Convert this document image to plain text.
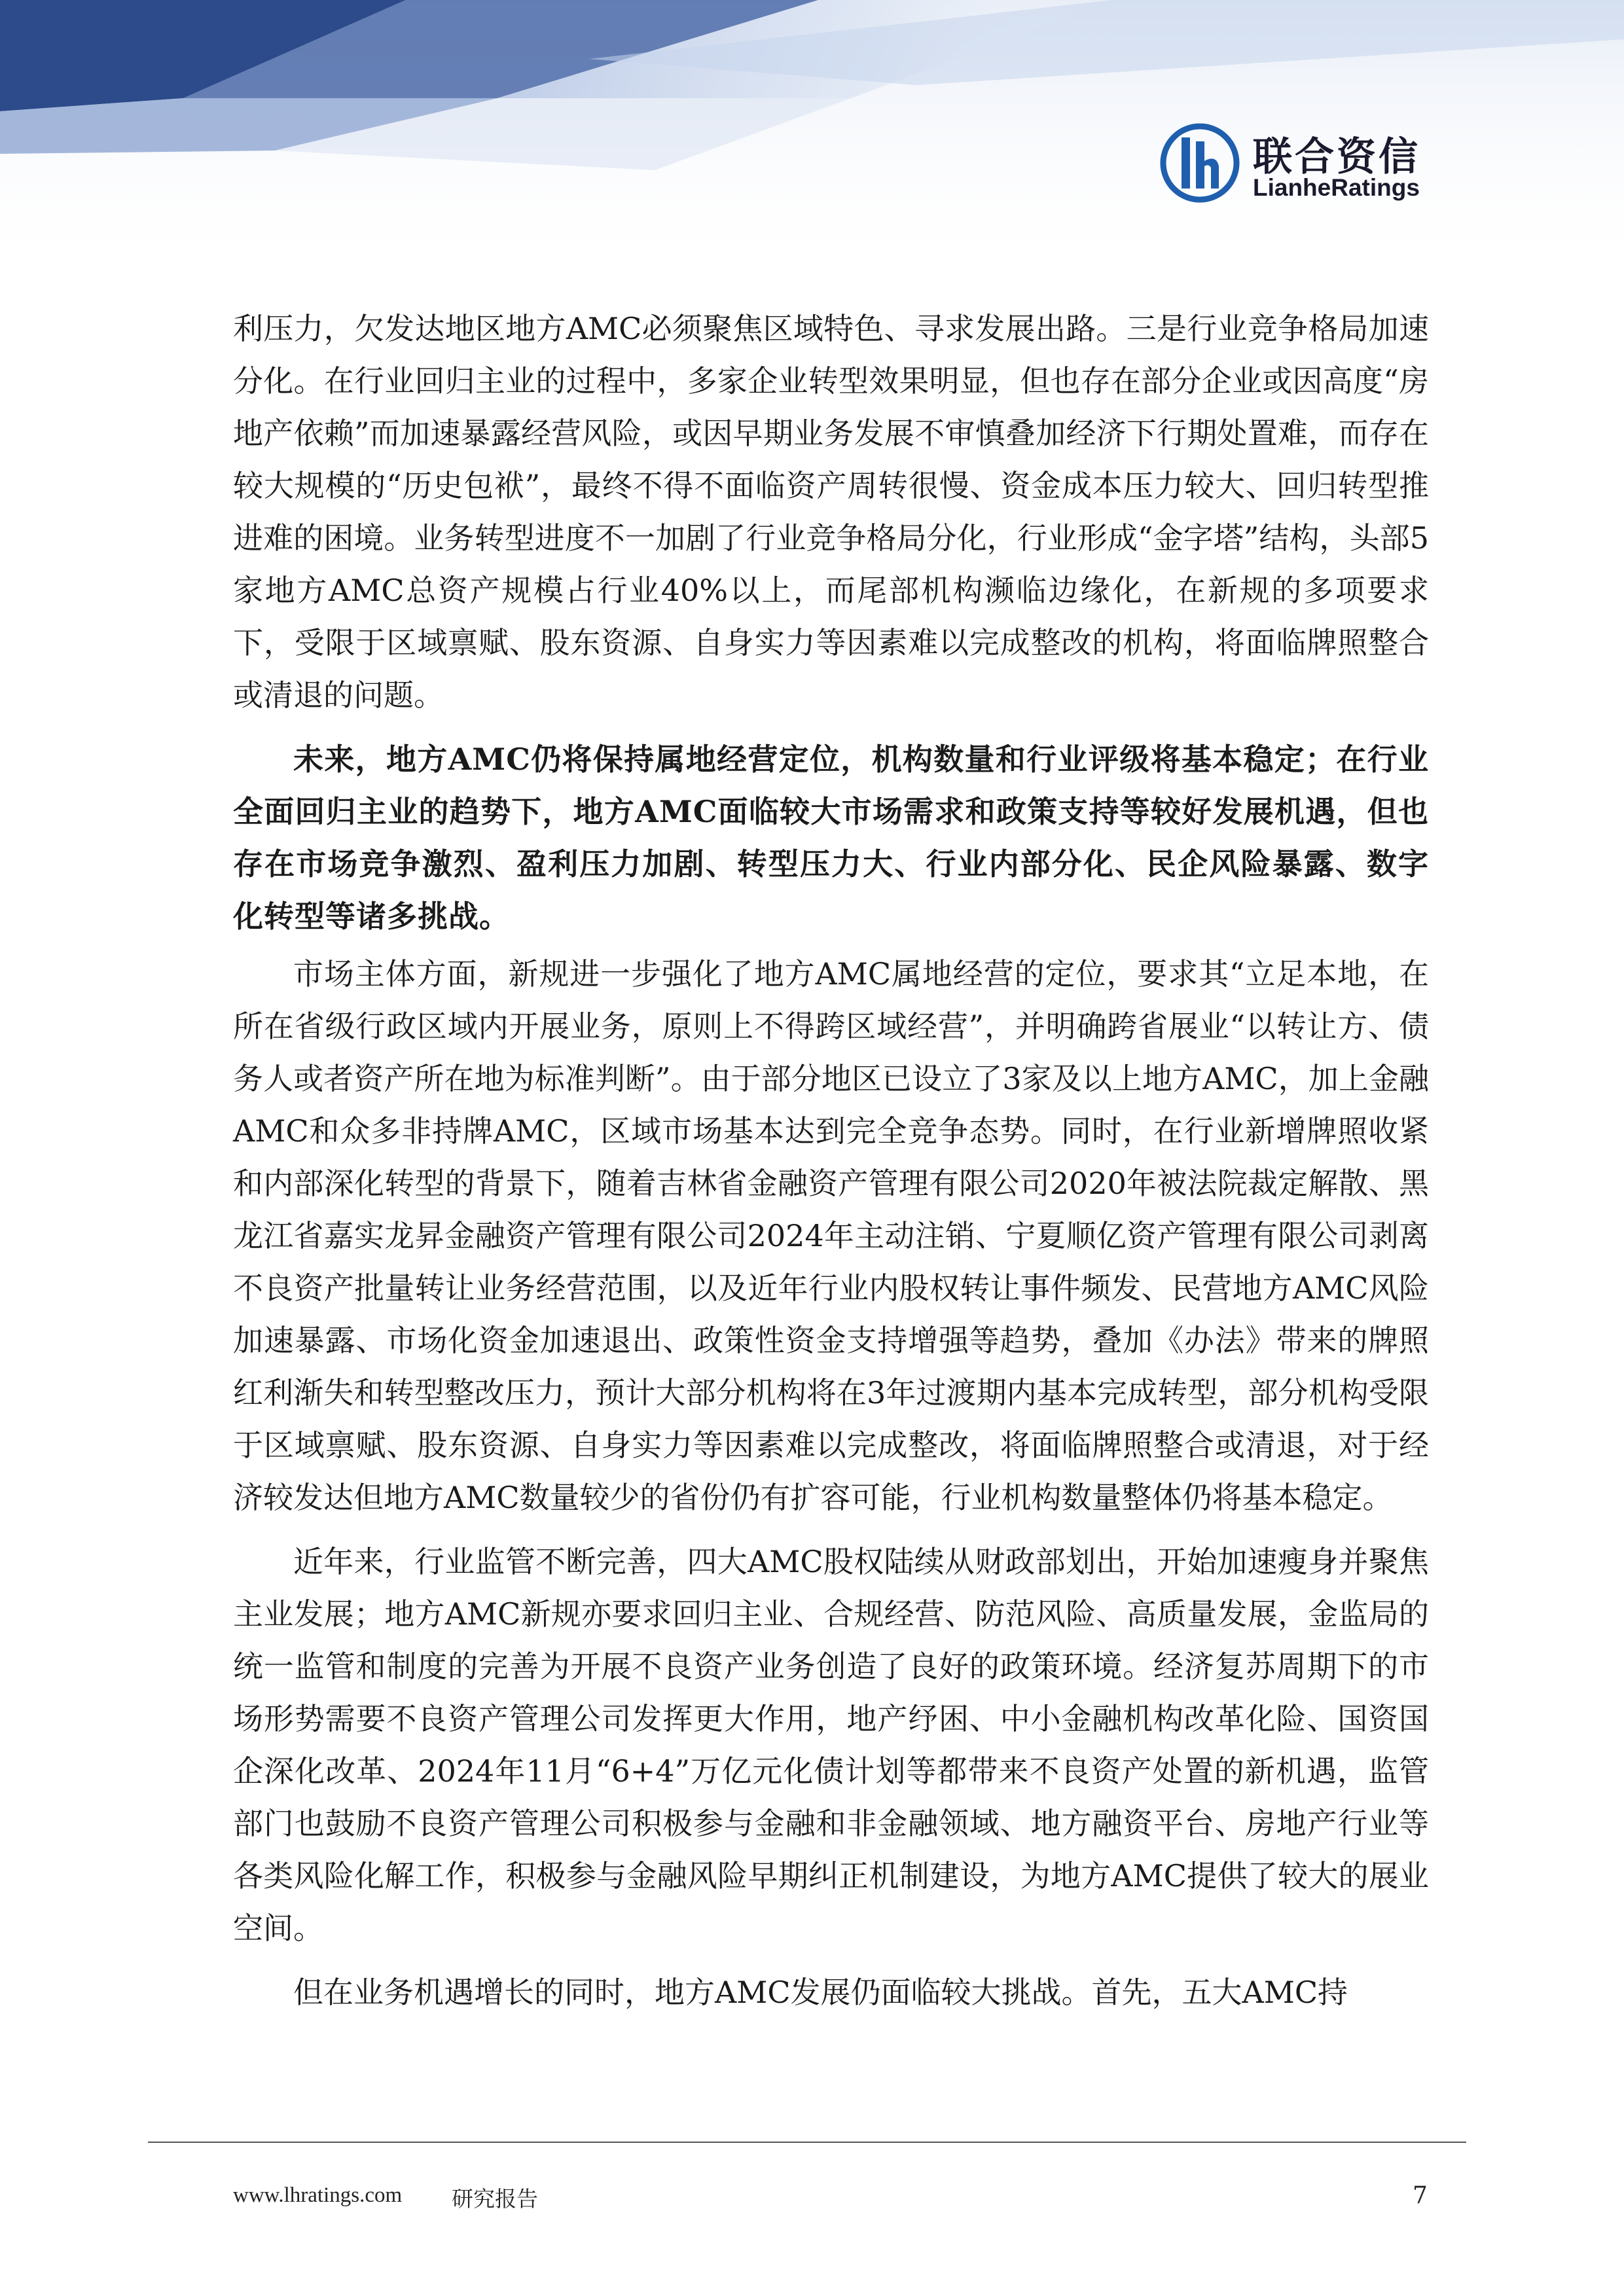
联合资信
LianheRatings

利压力，欠发达地区地方AMC必须聚焦区域特色、寻求发展出路。三是行业竞争格局加速分化。在行业回归主业的过程中，多家企业转型效果明显，但也存在部分企业或因高度“房地产依赖”而加速暴露经营风险，或因早期业务发展不审慎叠加经济下行期处置难，而存在较大规模的“历史包袱”，最终不得不面临资产周转很慢、资金成本压力较大、回归转型推进难的困境。业务转型进度不一加剧了行业竞争格局分化，行业形成“金字塔”结构，头部5家地方AMC总资产规模占行业40%以上，而尾部机构濒临边缘化，在新规的多项要求下，受限于区域禀赋、股东资源、自身实力等因素难以完成整改的机构，将面临牌照整合或清退的问题。

未来，地方AMC仍将保持属地经营定位，机构数量和行业评级将基本稳定；在行业全面回归主业的趋势下，地方AMC面临较大市场需求和政策支持等较好发展机遇，但也存在市场竞争激烈、盈利压力加剧、转型压力大、行业内部分化、民企风险暴露、数字化转型等诸多挑战。

市场主体方面，新规进一步强化了地方AMC属地经营的定位，要求其“立足本地，在所在省级行政区域内开展业务，原则上不得跨区域经营”，并明确跨省展业“以转让方、债务人或者资产所在地为标准判断”。由于部分地区已设立了3家及以上地方AMC，加上金融AMC和众多非持牌AMC，区域市场基本达到完全竞争态势。同时，在行业新增牌照收紧和内部深化转型的背景下，随着吉林省金融资产管理有限公司2020年被法院裁定解散、黑龙江省嘉实龙昇金融资产管理有限公司2024年主动注销、宁夏顺亿资产管理有限公司剥离不良资产批量转让业务经营范围，以及近年行业内股权转让事件频发、民营地方AMC风险加速暴露、市场化资金加速退出、政策性资金支持增强等趋势，叠加《办法》带来的牌照红利渐失和转型整改压力，预计大部分机构将在3年过渡期内基本完成转型，部分机构受限于区域禀赋、股东资源、自身实力等因素难以完成整改，将面临牌照整合或清退，对于经济较发达但地方AMC数量较少的省份仍有扩容可能，行业机构数量整体仍将基本稳定。

近年来，行业监管不断完善，四大AMC股权陆续从财政部划出，开始加速瘦身并聚焦主业发展；地方AMC新规亦要求回归主业、合规经营、防范风险、高质量发展，金监局的统一监管和制度的完善为开展不良资产业务创造了良好的政策环境。经济复苏周期下的市场形势需要不良资产管理公司发挥更大作用，地产纾困、中小金融机构改革化险、国资国企深化改革、2024年11月“6+4”万亿元化债计划等都带来不良资产处置的新机遇，监管部门也鼓励不良资产管理公司积极参与金融和非金融领域、地方融资平台、房地产行业等各类风险化解工作，积极参与金融风险早期纠正机制建设，为地方AMC提供了较大的展业空间。

但在业务机遇增长的同时，地方AMC发展仍面临较大挑战。首先，五大AMC持

www.lhratings.com 研究报告	7
